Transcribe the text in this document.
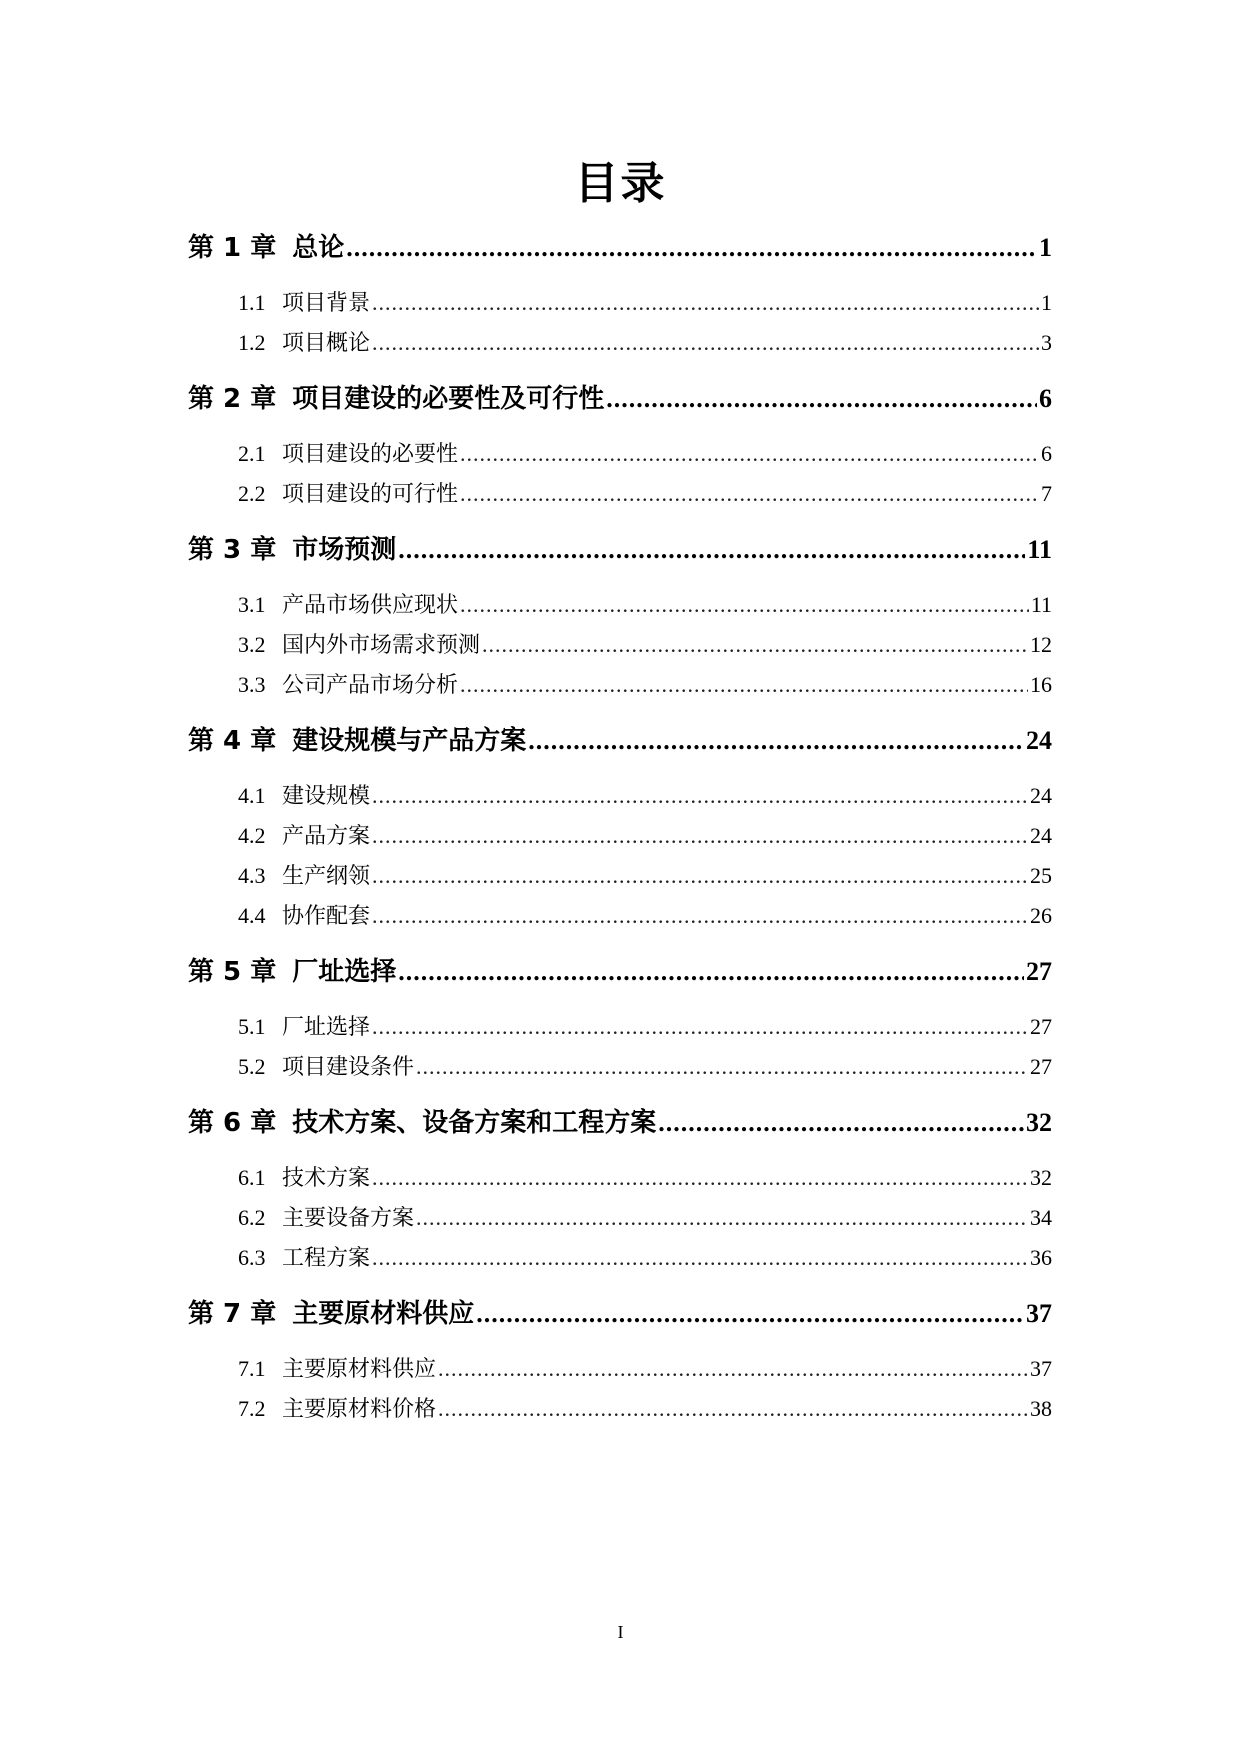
目录
第 1 章 总论 .....	1
1.1 项目背景 .....	1
1.2 项目概论 .....	3
第 2 章 项目建设的必要性及可行性 .....	6
2.1 项目建设的必要性 .....	6
2.2 项目建设的可行性 .....	7
第 3 章 市场预测 .....	11
3.1 产品市场供应现状 .....	11
3.2 国内外市场需求预测 .....	12
3.3 公司产品市场分析 .....	16
第 4 章 建设规模与产品方案 .....	24
4.1 建设规模 .....	24
4.2 产品方案 .....	24
4.3 生产纲领 .....	25
4.4 协作配套 .....	26
第 5 章 厂址选择 .....	27
5.1 厂址选择 .....	27
5.2 项目建设条件 .....	27
第 6 章 技术方案、设备方案和工程方案 .....	32
6.1 技术方案 .....	32
6.2 主要设备方案 .....	34
6.3 工程方案 .....	36
第 7 章 主要原材料供应 .....	37
7.1 主要原材料供应 .....	37
7.2 主要原材料价格 .....	38
I
